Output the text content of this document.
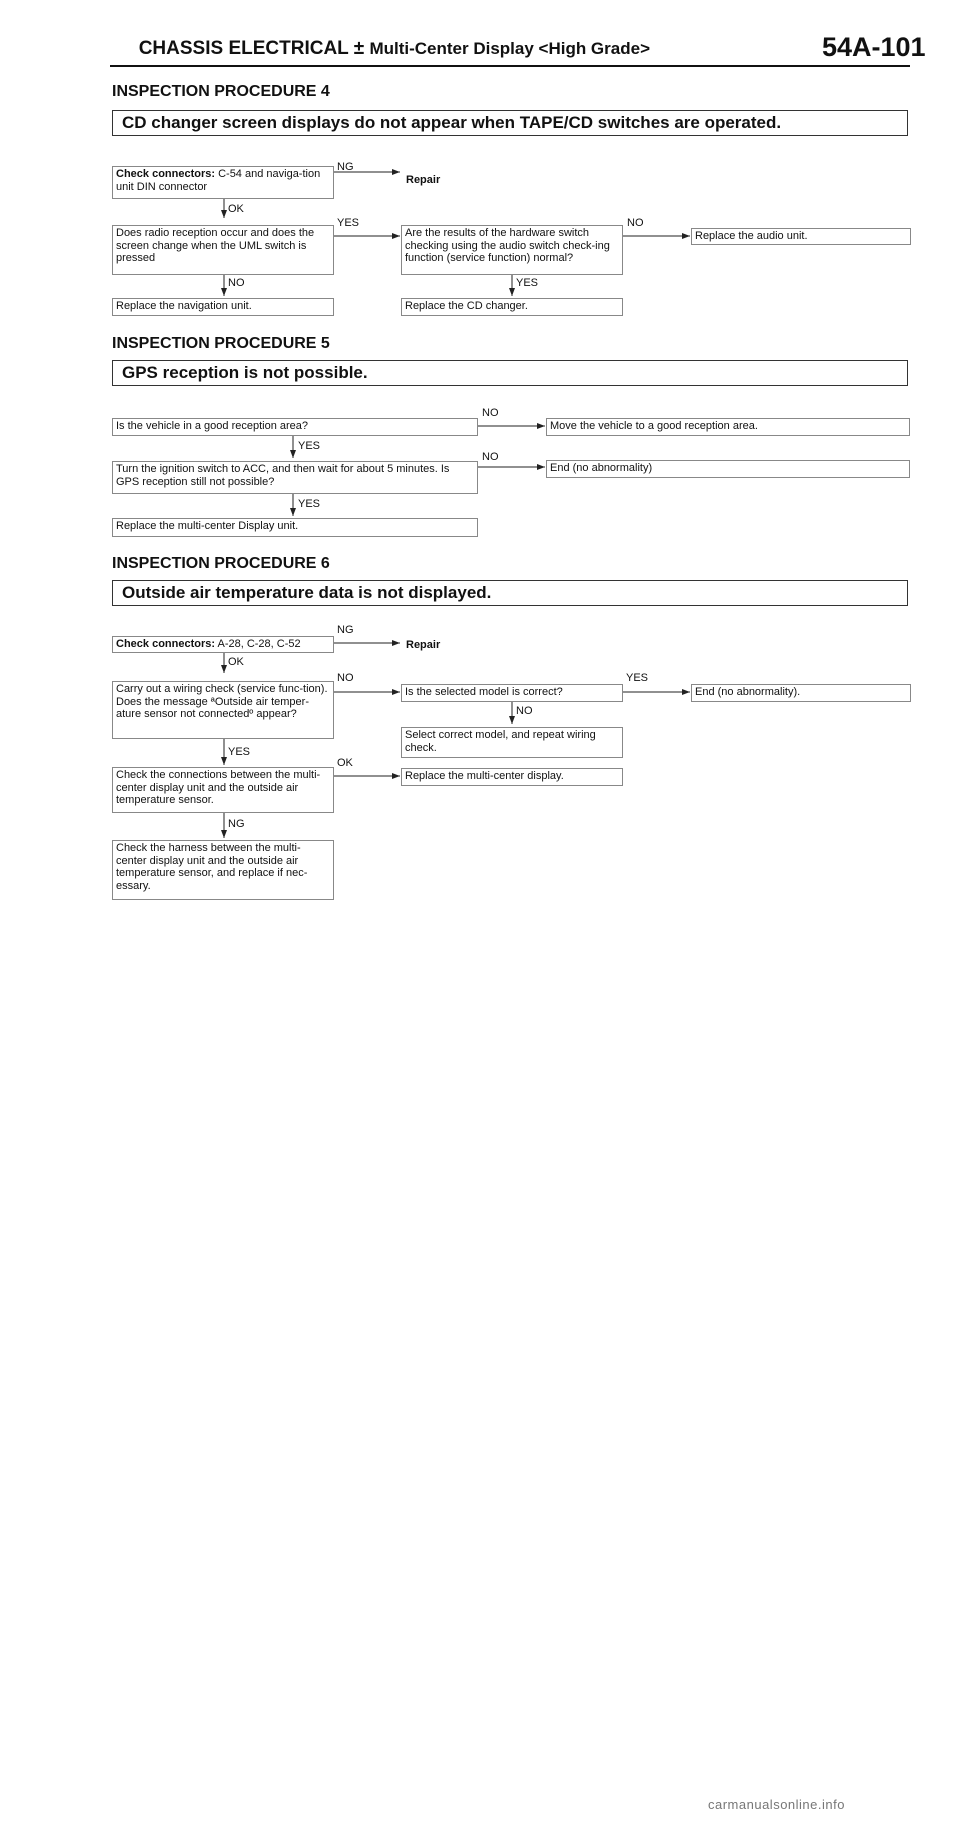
CHASSIS ELECTRICAL ± Multi-Center Display <High Grade>	54A-101
INSPECTION PROCEDURE 4
CD changer screen displays do not appear when TAPE/CD switches are operated.
Check connectors: C-54 and naviga-tion unit DIN connector
NG
Repair
OK
Does radio reception occur and does the screen change when the UML switch is pressed
YES
Are the results of the hardware switch checking using the audio switch check-ing function (service function) normal?
NO
Replace the audio unit.
NO	YES
Replace the navigation unit.	Replace the CD changer.
INSPECTION PROCEDURE 5
GPS reception is not possible.
Is the vehicle in a good reception area?
NO
Move the vehicle to a good reception area.
YES
Turn the ignition switch to ACC, and then wait for about 5 minutes. Is GPS reception still not possible?
NO
End (no abnormality)
YES
Replace the multi-center Display unit.
INSPECTION PROCEDURE 6
Outside air temperature data is not displayed.
Check connectors: A-28, C-28, C-52
NG
Repair
OK
Carry out a wiring check (service func-tion). Does the message ªOutside air temper-ature sensor not connectedº appear?
NO
Is the selected model is correct?
YES
End (no abnormality).
NO
Select correct model, and repeat wiring check.
YES
Check the connections between the multi-center display unit and the outside air temperature sensor.
OK
Replace the multi-center display.
NG
Check the harness between the multi-center display unit and the outside air temperature sensor, and replace if nec-essary.
carmanualsonline.info
